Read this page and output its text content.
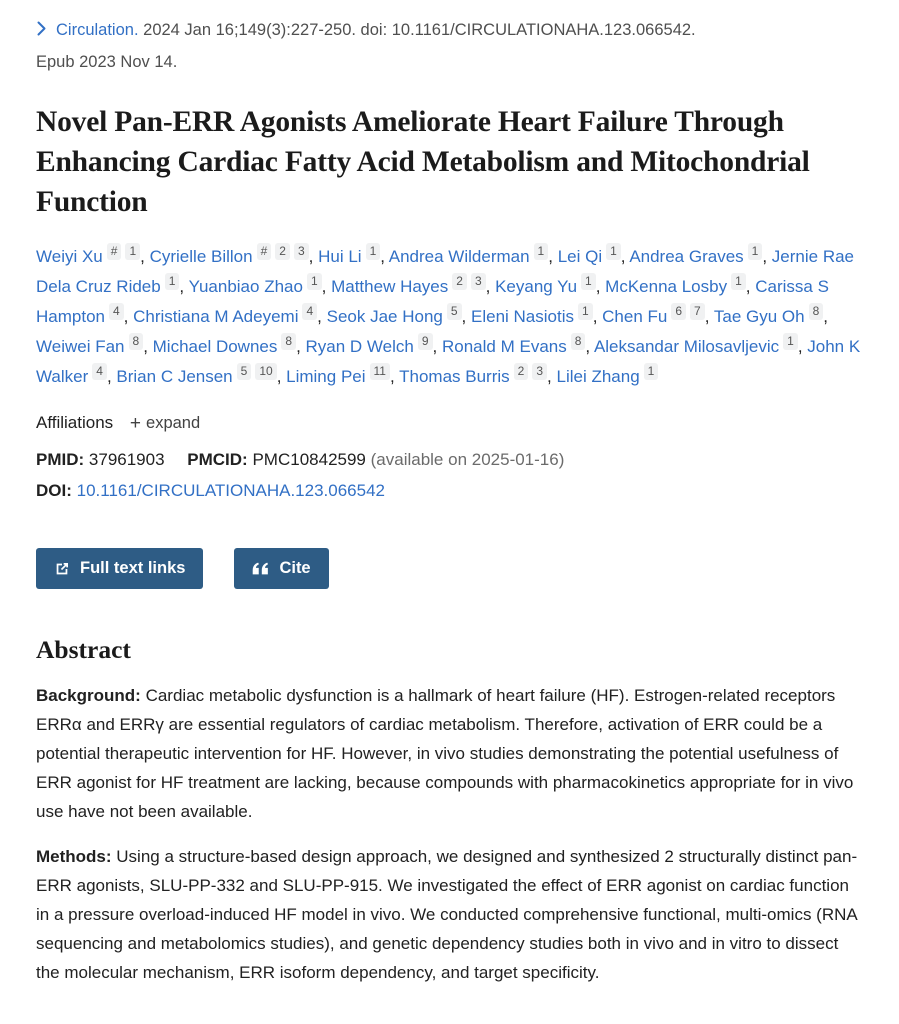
Circulation. 2024 Jan 16;149(3):227-250. doi: 10.1161/CIRCULATIONAHA.123.066542.
Epub 2023 Nov 14.
Novel Pan-ERR Agonists Ameliorate Heart Failure Through Enhancing Cardiac Fatty Acid Metabolism and Mitochondrial Function
Weiyi Xu # 1 , Cyrielle Billon # 2 3 , Hui Li 1 , Andrea Wilderman 1 , Lei Qi 1 , Andrea Graves 1 , Jernie Rae Dela Cruz Rideb 1 , Yuanbiao Zhao 1 , Matthew Hayes 2 3 , Keyang Yu 1 , McKenna Losby 1 , Carissa S Hampton 4 , Christiana M Adeyemi 4 , Seok Jae Hong 5 , Eleni Nasiotis 1 , Chen Fu 6 7 , Tae Gyu Oh 8 , Weiwei Fan 8 , Michael Downes 8 , Ryan D Welch 9 , Ronald M Evans 8 , Aleksandar Milosavljevic 1 , John K Walker 4 , Brian C Jensen 5 10 , Liming Pei 11 , Thomas Burris 2 3 , Lilei Zhang 1
Affiliations + expand
PMID: 37961903 PMCID: PMC10842599 (available on 2025-01-16)
DOI: 10.1161/CIRCULATIONAHA.123.066542
Full text links	Cite
Abstract

Background: Cardiac metabolic dysfunction is a hallmark of heart failure (HF). Estrogen-related receptors ERRα and ERRγ are essential regulators of cardiac metabolism. Therefore, activation of ERR could be a potential therapeutic intervention for HF. However, in vivo studies demonstrating the potential usefulness of ERR agonist for HF treatment are lacking, because compounds with pharmacokinetics appropriate for in vivo use have not been available.

Methods: Using a structure-based design approach, we designed and synthesized 2 structurally distinct pan-ERR agonists, SLU-PP-332 and SLU-PP-915. We investigated the effect of ERR agonist on cardiac function in a pressure overload-induced HF model in vivo. We conducted comprehensive functional, multi-omics (RNA sequencing and metabolomics studies), and genetic dependency studies both in vivo and in vitro to dissect the molecular mechanism, ERR isoform dependency, and target specificity.
